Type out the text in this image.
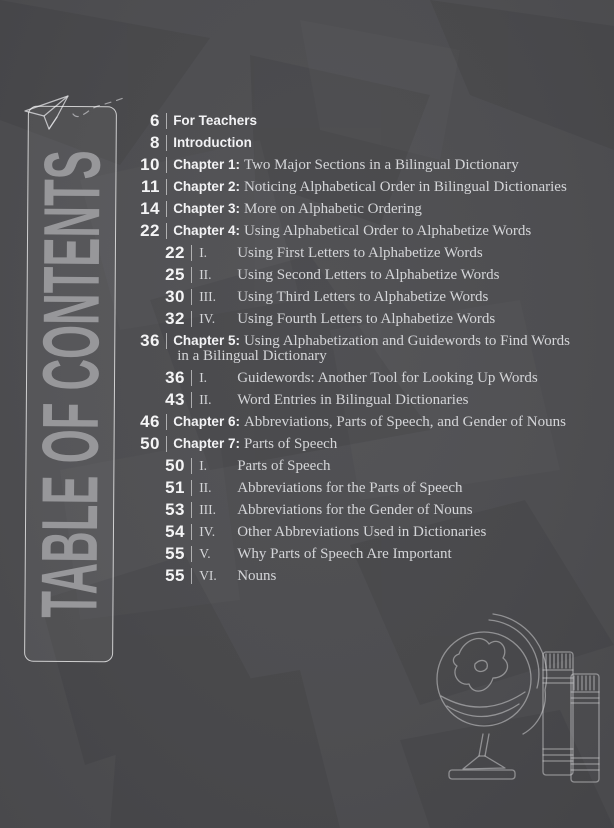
TABLE OF CONTENTS
6 For Teachers
8 Introduction
10 Chapter 1: Two Major Sections in a Bilingual Dictionary
11 Chapter 2: Noticing Alphabetical Order in Bilingual Dictionaries
14 Chapter 3: More on Alphabetic Ordering
22 Chapter 4: Using Alphabetical Order to Alphabetize Words
22 I.	Using First Letters to Alphabetize Words
25 II.	Using Second Letters to Alphabetize Words
30 III.	Using Third Letters to Alphabetize Words
32 IV.	Using Fourth Letters to Alphabetize Words
36 Chapter 5: Using Alphabetization and Guidewords to Find Words
in a Bilingual Dictionary
36 I.	Guidewords: Another Tool for Looking Up Words
43 II.	Word Entries in Bilingual Dictionaries
46 Chapter 6: Abbreviations, Parts of Speech, and Gender of Nouns
50 Chapter 7: Parts of Speech
50 I.	Parts of Speech
51 II.	Abbreviations for the Parts of Speech
53 III.	Abbreviations for the Gender of Nouns
54 IV.	Other Abbreviations Used in Dictionaries
55 V.	Why Parts of Speech Are Important
55 VI.	Nouns
